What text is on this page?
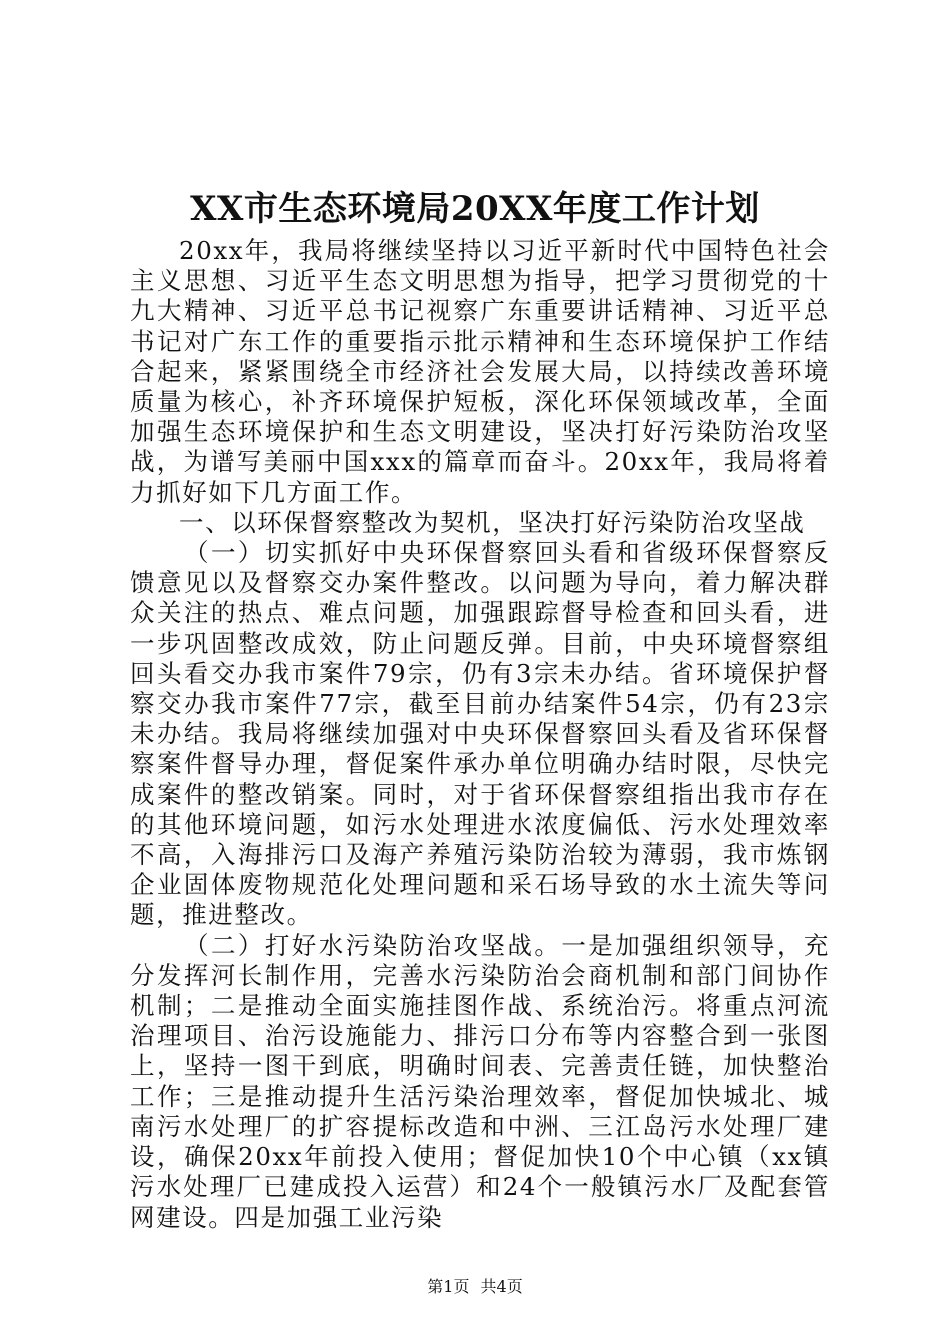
XX市生态环境局20XX年度工作计划

20xx年，我局将继续坚持以习近平新时代中国特色社会主义思想、习近平生态文明思想为指导，把学习贯彻党的十九大精神、习近平总书记视察广东重要讲话精神、习近平总书记对广东工作的重要指示批示精神和生态环境保护工作结合起来，紧紧围绕全市经济社会发展大局，以持续改善环境质量为核心，补齐环境保护短板，深化环保领域改革，全面加强生态环境保护和生态文明建设，坚决打好污染防治攻坚战，为谱写美丽中国xxx的篇章而奋斗。20xx年，我局将着力抓好如下几方面工作。

一、以环保督察整改为契机，坚决打好污染防治攻坚战

（一）切实抓好中央环保督察回头看和省级环保督察反馈意见以及督察交办案件整改。以问题为导向，着力解决群众关注的热点、难点问题，加强跟踪督导检查和回头看，进一步巩固整改成效，防止问题反弹。目前，中央环境督察组回头看交办我市案件79宗，仍有3宗未办结。省环境保护督察交办我市案件77宗，截至目前办结案件54宗，仍有23宗未办结。我局将继续加强对中央环保督察回头看及省环保督察案件督导办理，督促案件承办单位明确办结时限，尽快完成案件的整改销案。同时，对于省环保督察组指出我市存在的其他环境问题，如污水处理进水浓度偏低、污水处理效率不高，入海排污口及海产养殖污染防治较为薄弱，我市炼钢企业固体废物规范化处理问题和采石场导致的水土流失等问题，推进整改。

（二）打好水污染防治攻坚战。一是加强组织领导，充分发挥河长制作用，完善水污染防治会商机制和部门间协作机制；二是推动全面实施挂图作战、系统治污。将重点河流治理项目、治污设施能力、排污口分布等内容整合到一张图上，坚持一图干到底，明确时间表、完善责任链，加快整治工作；三是推动提升生活污染治理效率，督促加快城北、城南污水处理厂的扩容提标改造和中洲、三江岛污水处理厂建设，确保20xx年前投入使用；督促加快10个中心镇（xx镇污水处理厂已建成投入运营）和24个一般镇污水厂及配套管网建设。四是加强工业污染

第1页 共4页
